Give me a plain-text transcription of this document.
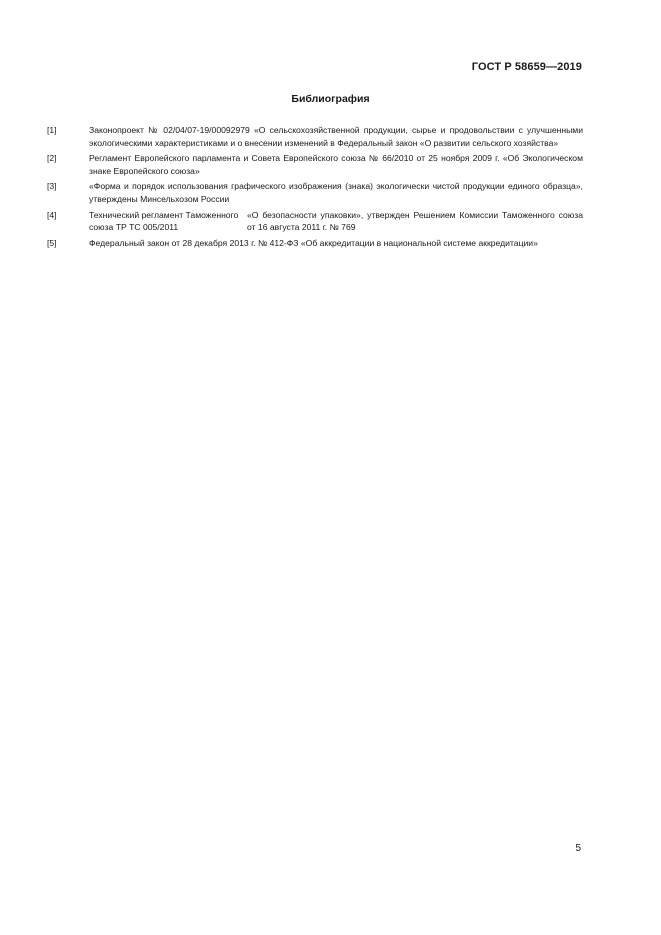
ГОСТ Р 58659—2019
Библиография
[1]	Законопроект № 02/04/07-19/00092979 «О сельскохозяйственной продукции, сырье и продовольствии с улучшенными экологическими характеристиками и о внесении изменений в Федеральный закон «О развитии сельского хозяйства»
[2]	Регламент Европейского парламента и Совета Европейского союза № 66/2010 от 25 ноября 2009 г. «Об Экологическом знаке Европейского союза»
[3]	«Форма и порядок использования графического изображения (знака) экологически чистой продукции единого образца», утверждены Минсельхозом России
[4]	Технический регламент Таможенного союза ТР ТС 005/2011
«О безопасности упаковки», утвержден Решением Комиссии Таможенного союза от 16 августа 2011 г. № 769
[5]	Федеральный закон от 28 декабря 2013 г. № 412-ФЗ «Об аккредитации в национальной системе аккредитации»
5
